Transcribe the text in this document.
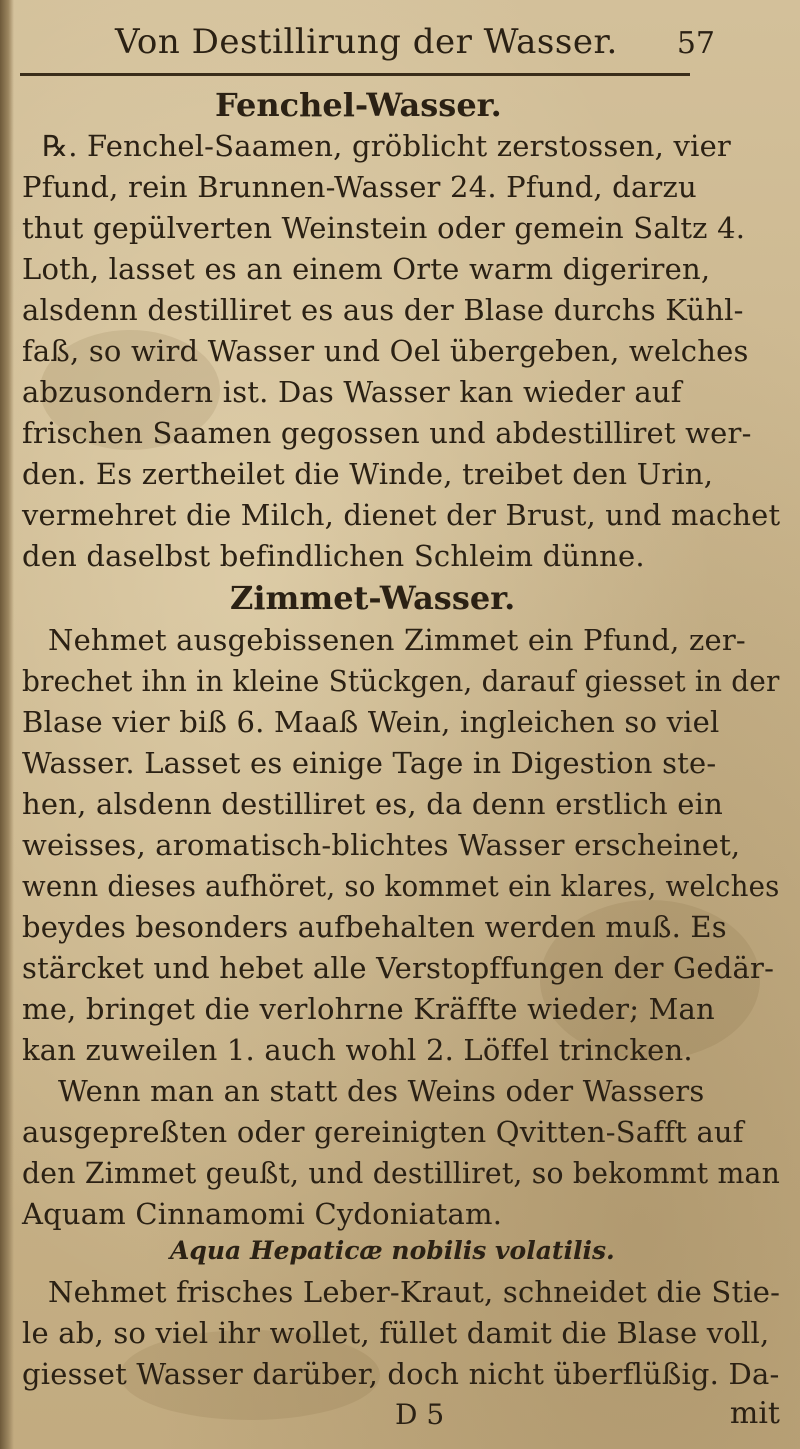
Von Destillirung der Wasser. 57
Fenchel-Wasser.
℞. Fenchel-Saamen, gröblicht zerstossen, vier
Pfund, rein Brunnen-Wasser 24. Pfund, darzu
thut gepülverten Weinstein oder gemein Saltz 4.
Loth, lasset es an einem Orte warm digeriren,
alsdenn destilliret es aus der Blase durchs Kühl-
faß, so wird Wasser und Oel übergeben, welches
abzusondern ist. Das Wasser kan wieder auf
frischen Saamen gegossen und abdestilliret wer-
den. Es zertheilet die Winde, treibet den Urin,
vermehret die Milch, dienet der Brust, und machet
den daselbst befindlichen Schleim dünne.
Zimmet-Wasser.
Nehmet ausgebissenen Zimmet ein Pfund, zer-
brechet ihn in kleine Stückgen, darauf giesset in der
Blase vier biß 6. Maaß Wein, ingleichen so viel
Wasser. Lasset es einige Tage in Digestion ste-
hen, alsdenn destilliret es, da denn erstlich ein
weisses, aromatisch-blichtes Wasser erscheinet,
wenn dieses aufhöret, so kommet ein klares, welches
beydes besonders aufbehalten werden muß. Es
stärcket und hebet alle Verstopffungen der Gedär-
me, bringet die verlohrne Kräffte wieder; Man
kan zuweilen 1. auch wohl 2. Löffel trincken.
Wenn man an statt des Weins oder Wassers
ausgepreßten oder gereinigten Qvitten-Safft auf
den Zimmet geußt, und destilliret, so bekommt man
Aquam Cinnamomi Cydoniatam.
Aqua Hepaticæ nobilis volatilis.
Nehmet frisches Leber-Kraut, schneidet die Stie-
le ab, so viel ihr wollet, füllet damit die Blase voll,
giesset Wasser darüber, doch nicht überflüßig. Da-
D 5	mit
